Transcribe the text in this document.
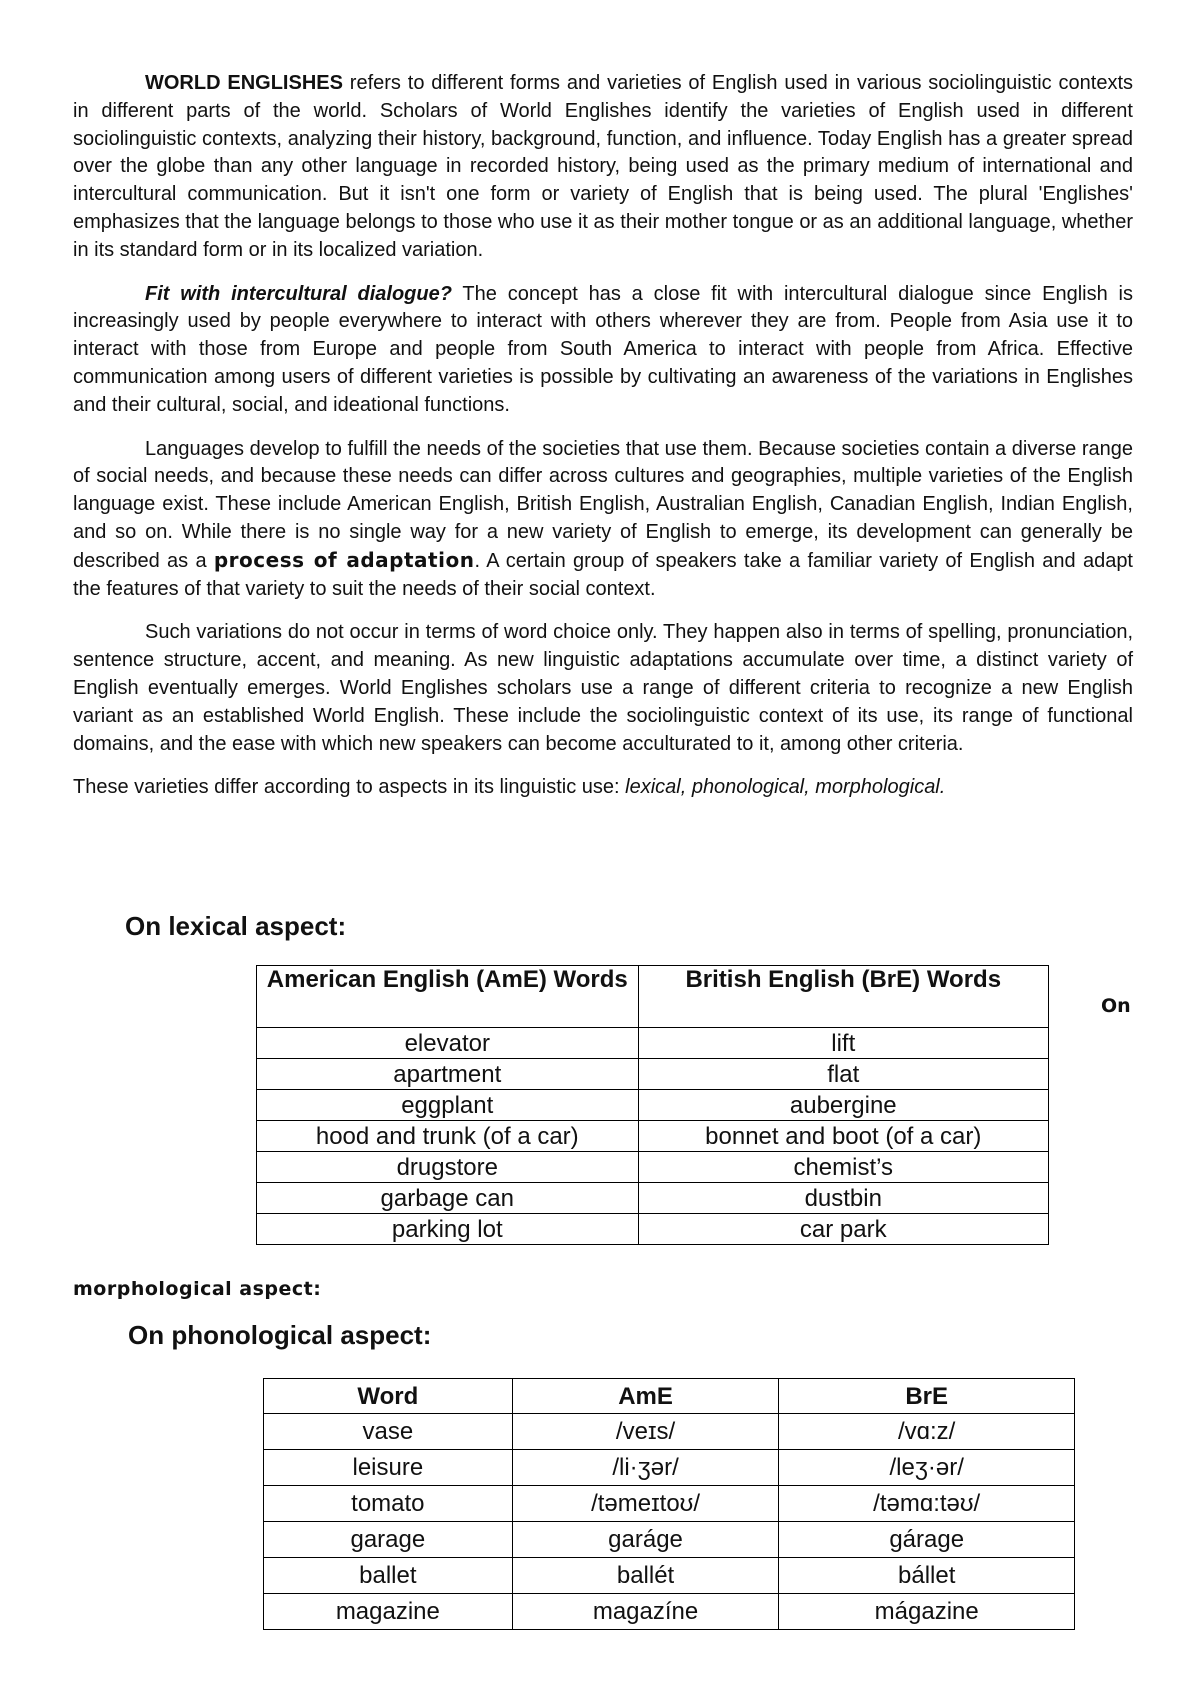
WORLD ENGLISHES refers to different forms and varieties of English used in various sociolinguistic contexts in different parts of the world. Scholars of World Englishes identify the varieties of English used in different sociolinguistic contexts, analyzing their history, background, function, and influence. Today English has a greater spread over the globe than any other language in recorded history, being used as the primary medium of international and intercultural communication. But it isn't one form or variety of English that is being used. The plural 'Englishes' emphasizes that the language belongs to those who use it as their mother tongue or as an additional language, whether in its standard form or in its localized variation.

Fit with intercultural dialogue? The concept has a close fit with intercultural dialogue since English is increasingly used by people everywhere to interact with others wherever they are from. People from Asia use it to interact with those from Europe and people from South America to interact with people from Africa. Effective communication among users of different varieties is possible by cultivating an awareness of the variations in Englishes and their cultural, social, and ideational functions.

Languages develop to fulfill the needs of the societies that use them. Because societies contain a diverse range of social needs, and because these needs can differ across cultures and geographies, multiple varieties of the English language exist. These include American English, British English, Australian English, Canadian English, Indian English, and so on. While there is no single way for a new variety of English to emerge, its development can generally be described as a process of adaptation. A certain group of speakers take a familiar variety of English and adapt the features of that variety to suit the needs of their social context.

Such variations do not occur in terms of word choice only. They happen also in terms of spelling, pronunciation, sentence structure, accent, and meaning. As new linguistic adaptations accumulate over time, a distinct variety of English eventually emerges. World Englishes scholars use a range of different criteria to recognize a new English variant as an established World English. These include the sociolinguistic context of its use, its range of functional domains, and the ease with which new speakers can become acculturated to it, among other criteria.

These varieties differ according to aspects in its linguistic use: lexical, phonological, morphological.

On lexical aspect:
American English (AmE) Words	British English (BrE) Words
elevator	lift
apartment	flat
eggplant	aubergine
hood and trunk (of a car)	bonnet and boot (of a car)
drugstore	chemist’s
garbage can	dustbin
parking lot	car park
On
morphological aspect:
On phonological aspect:
Word	AmE	BrE
vase	/veɪs/	/vɑ:z/
leisure	/li·ʒər/	/leʒ·ər/
tomato	/təmeɪtoʊ/	/təmɑ:təʊ/
garage	garáge	gárage
ballet	ballét	bállet
magazine	magazíne	mágazine
